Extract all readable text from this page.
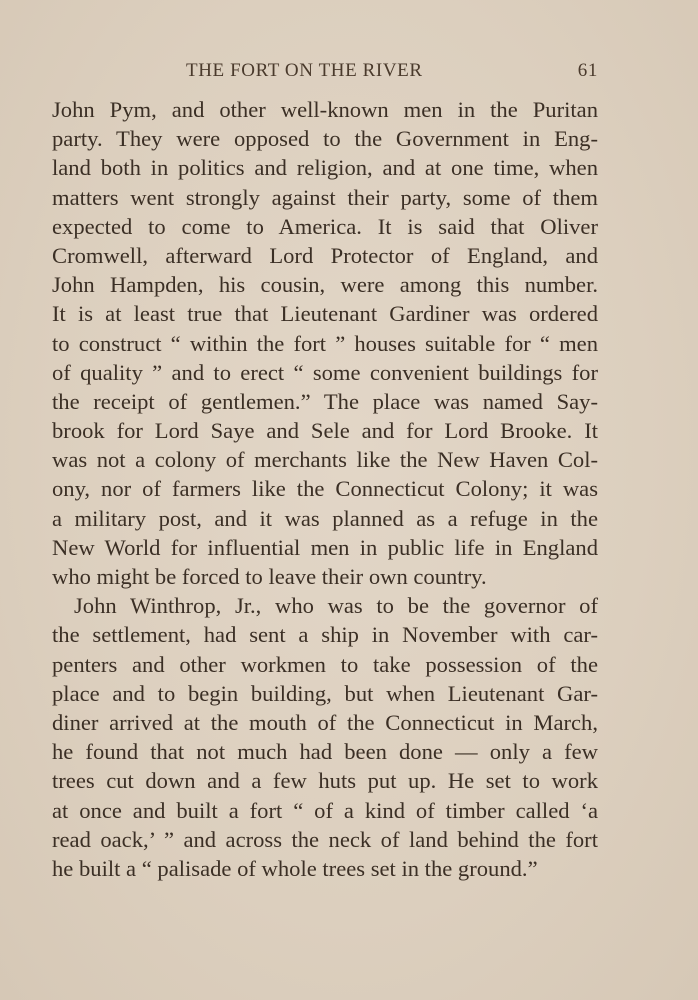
THE FORT ON THE RIVER	61
John Pym, and other well-known men in the Puritan
party. They were opposed to the Government in Eng-
land both in politics and religion, and at one time, when
matters went strongly against their party, some of them
expected to come to America. It is said that Oliver
Cromwell, afterward Lord Protector of England, and
John Hampden, his cousin, were among this number.
It is at least true that Lieutenant Gardiner was ordered
to construct “ within the fort ” houses suitable for “ men
of quality ” and to erect “ some convenient buildings for
the receipt of gentlemen.” The place was named Say-
brook for Lord Saye and Sele and for Lord Brooke. It
was not a colony of merchants like the New Haven Col-
ony, nor of farmers like the Connecticut Colony; it was
a military post, and it was planned as a refuge in the
New World for influential men in public life in England
who might be forced to leave their own country.
John Winthrop, Jr., who was to be the governor of
the settlement, had sent a ship in November with car-
penters and other workmen to take possession of the
place and to begin building, but when Lieutenant Gar-
diner arrived at the mouth of the Connecticut in March,
he found that not much had been done — only a few
trees cut down and a few huts put up. He set to work
at once and built a fort “ of a kind of timber called ‘a
read oack,’ ” and across the neck of land behind the fort
he built a “ palisade of whole trees set in the ground.”
